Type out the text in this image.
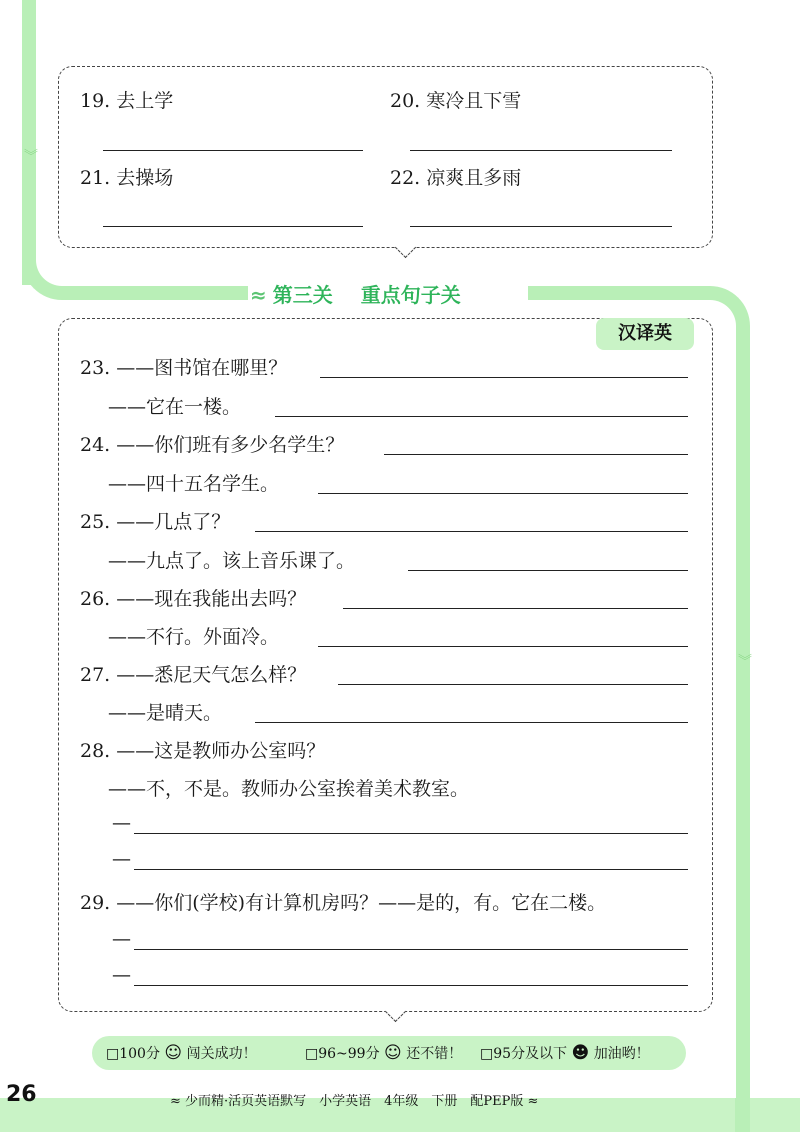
︾
︾
19. 去上学	20. 寒冷且下雪
21. 去操场	22. 凉爽且多雨
≈ 第三关 重点句子关
汉译英
23. ——图书馆在哪里？
——它在一楼。
24. ——你们班有多少名学生？
——四十五名学生。
25. ——几点了？
——九点了。该上音乐课了。
26. ——现在我能出去吗？
——不行。外面冷。
27. ——悉尼天气怎么样？
——是晴天。
28. ——这是教师办公室吗？
——不，不是。教师办公室挨着美术教室。
—
—
29. ——你们(学校)有计算机房吗？——是的，有。它在二楼。
—
—
□100分 ☺ 闯关成功！	□96~99分 ☺ 还不错！ □95分及以下 ☻ 加油哟！
26	≈ 少而精·活页英语默写　小学英语　4年级　下册　配PEP版 ≈
